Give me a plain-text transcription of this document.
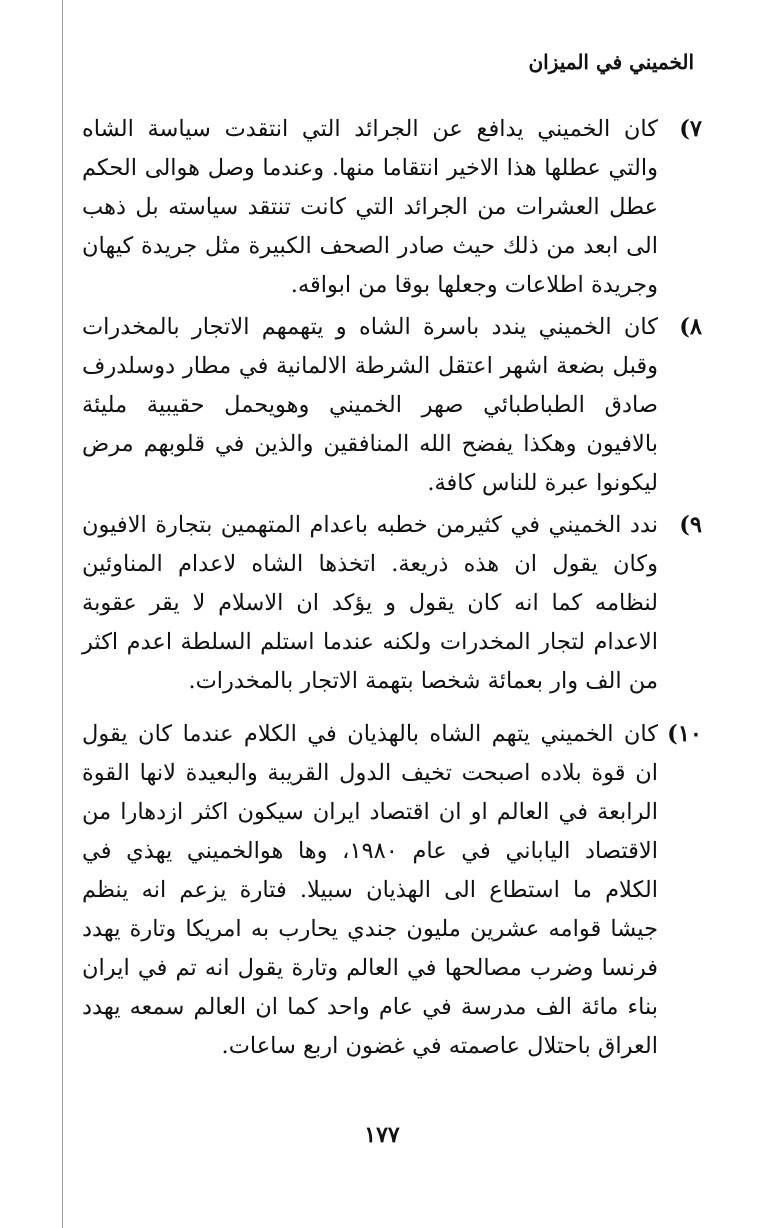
الخميني في الميزان

٧)
كان الخميني يدافع عن الجرائد التي انتقدت سياسة الشاه والتي عطلها هذا الاخير انتقاما منها. وعندما وصل هوالى الحكم عطل العشرات من الجرائد التي كانت تنتقد سياسته بل ذهب الى ابعد من ذلك حيث صادر الصحف الكبيرة مثل جريدة كيهان وجريدة اطلاعات وجعلها بوقا من ابواقه.

٨)
كان الخميني يندد باسرة الشاه و يتهمهم الاتجار بالمخدرات وقبل بضعة اشهر اعتقل الشرطة الالمانية في مطار دوسلدرف صادق الطباطبائي صهر الخميني وهويحمل حقيبية مليئة بالافيون وهكذا يفضح الله المنافقين والذين في قلوبهم مرض ليكونوا عبرة للناس كافة.

٩)
ندد الخميني في كثيرمن خطبه باعدام المتهمين بتجارة الافيون وكان يقول ان هذه ذريعة. اتخذها الشاه لاعدام المناوئين لنظامه كما انه كان يقول و يؤكد ان الاسلام لا يقر عقوبة الاعدام لتجار المخدرات ولكنه عندما استلم السلطة اعدم اكثر من الف وار بعمائة شخصا بتهمة الاتجار بالمخدرات.

١٠)
كان الخميني يتهم الشاه بالهذيان في الكلام عندما كان يقول ان قوة بلاده اصبحت تخيف الدول القريبة والبعيدة لانها القوة الرابعة في العالم او ان اقتصاد ايران سيكون اكثر ازدهارا من الاقتصاد الياباني في عام ١٩٨٠، وها هوالخميني يهذي في الكلام ما استطاع الى الهذيان سبيلا. فتارة يزعم انه ينظم جيشا قوامه عشرين مليون جندي يحارب به امريكا وتارة يهدد فرنسا وضرب مصالحها في العالم وتارة يقول انه تم في ايران بناء مائة الف مدرسة في عام واحد كما ان العالم سمعه يهدد العراق باحتلال عاصمته في غضون اربع ساعات.

١٧٧
